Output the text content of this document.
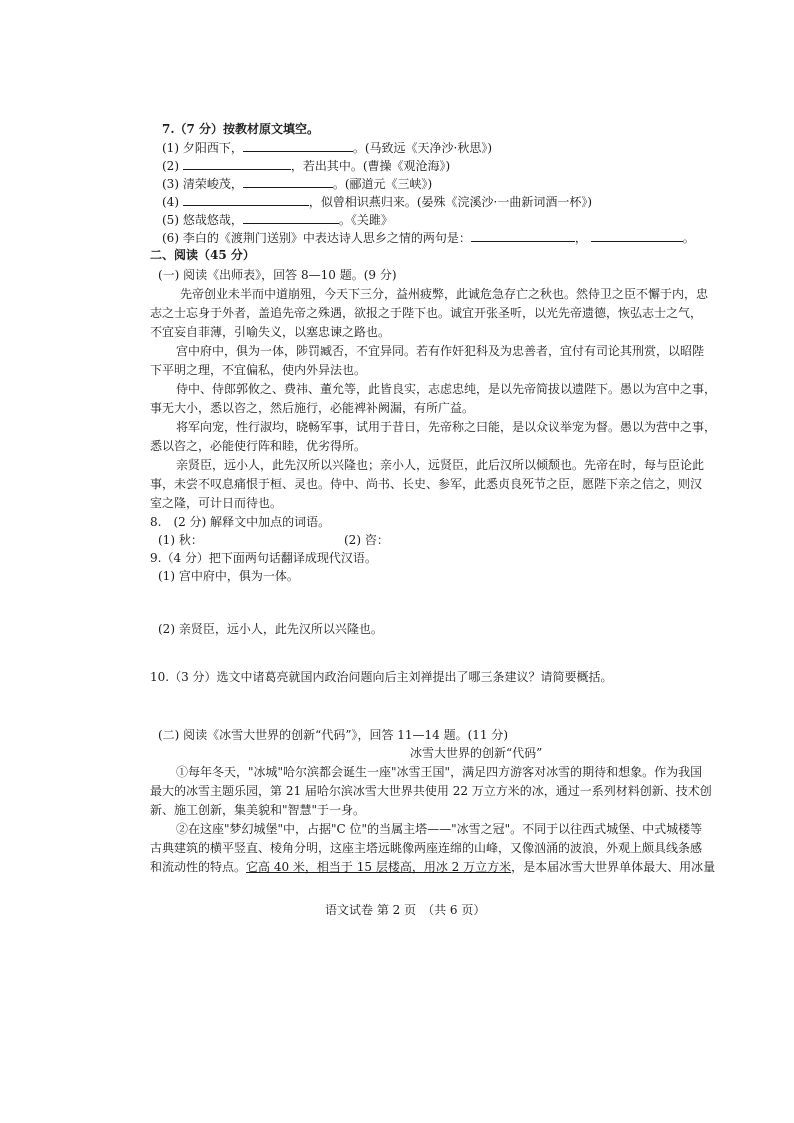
7.（7 分）按教材原文填空。
(1) 夕阳西下，	。(马致远《天净沙·秋思》)
(2)	，若出其中。(曹操《观沧海》)
(3) 清荣峻茂，	。(郦道元《三峡》)
(4)	，似曾相识燕归来。(晏殊《浣溪沙·一曲新词酒一杯》)
(5) 悠哉悠哉，	。《关雎》
(6) 李白的《渡荆门送别》中表达诗人思乡之情的两句是：	，	。
二、阅读（45 分）
(一) 阅读《出师表》，回答 8—10 题。(9 分)
先帝创业未半而中道崩殂，今天下三分，益州疲弊，此诚危急存亡之秋也。然侍卫之臣不懈于内，忠
志之士忘身于外者，盖追先帝之殊遇，欲报之于陛下也。诚宜开张圣听，以光先帝遗德，恢弘志士之气，
不宜妄自菲薄，引喻失义，以塞忠谏之路也。
宫中府中，俱为一体，陟罚臧否，不宜异同。若有作奸犯科及为忠善者，宜付有司论其刑赏，以昭陛
下平明之理，不宜偏私，使内外异法也。
侍中、侍郎郭攸之、费祎、董允等，此皆良实，志虑忠纯，是以先帝简拔以遗陛下。愚以为宫中之事，
事无大小，悉以咨之，然后施行，必能裨补阙漏，有所广益。
将军向宠，性行淑均，晓畅军事，试用于昔日，先帝称之曰能，是以众议举宠为督。愚以为营中之事，
悉以咨之，必能使行阵和睦，优劣得所。
亲贤臣，远小人，此先汉所以兴隆也；亲小人，远贤臣，此后汉所以倾颓也。先帝在时，每与臣论此
事，未尝不叹息痛恨于桓、灵也。侍中、尚书、长史、参军，此悉贞良死节之臣，愿陛下亲之信之，则汉
室之隆，可计日而待也。
8.　(2 分) 解释文中加点的词语。
(1) 秋：	(2) 咨：
9.（4 分）把下面两句话翻译成现代汉语。
(1) 宫中府中，俱为一体。
(2) 亲贤臣，远小人，此先汉所以兴隆也。
10.（3 分）选文中诸葛亮就国内政治问题向后主刘禅提出了哪三条建议？请简要概括。
(二) 阅读《冰雪大世界的创新“代码”》，回答 11—14 题。(11 分)
冰雪大世界的创新“代码”
①每年冬天，"冰城"哈尔滨都会诞生一座"冰雪王国"，满足四方游客对冰雪的期待和想象。作为我国
最大的冰雪主题乐园，第 21 届哈尔滨冰雪大世界共使用 22 万立方米的冰，通过一系列材料创新、技术创
新、施工创新，集美貌和"智慧"于一身。
②在这座"梦幻城堡"中，占据"C 位"的当属主塔——"冰雪之冠"。不同于以往西式城堡、中式城楼等
古典建筑的横平竖直、棱角分明，这座主塔远眺像两座连绵的山峰，又像汹涌的波浪，外观上颇具线条感
和流动性的特点。它高 40 米，相当于 15 层楼高，用冰 2 万立方米，是本届冰雪大世界单体最大、用冰量
语文试卷 第 2 页　（共 6 页）
